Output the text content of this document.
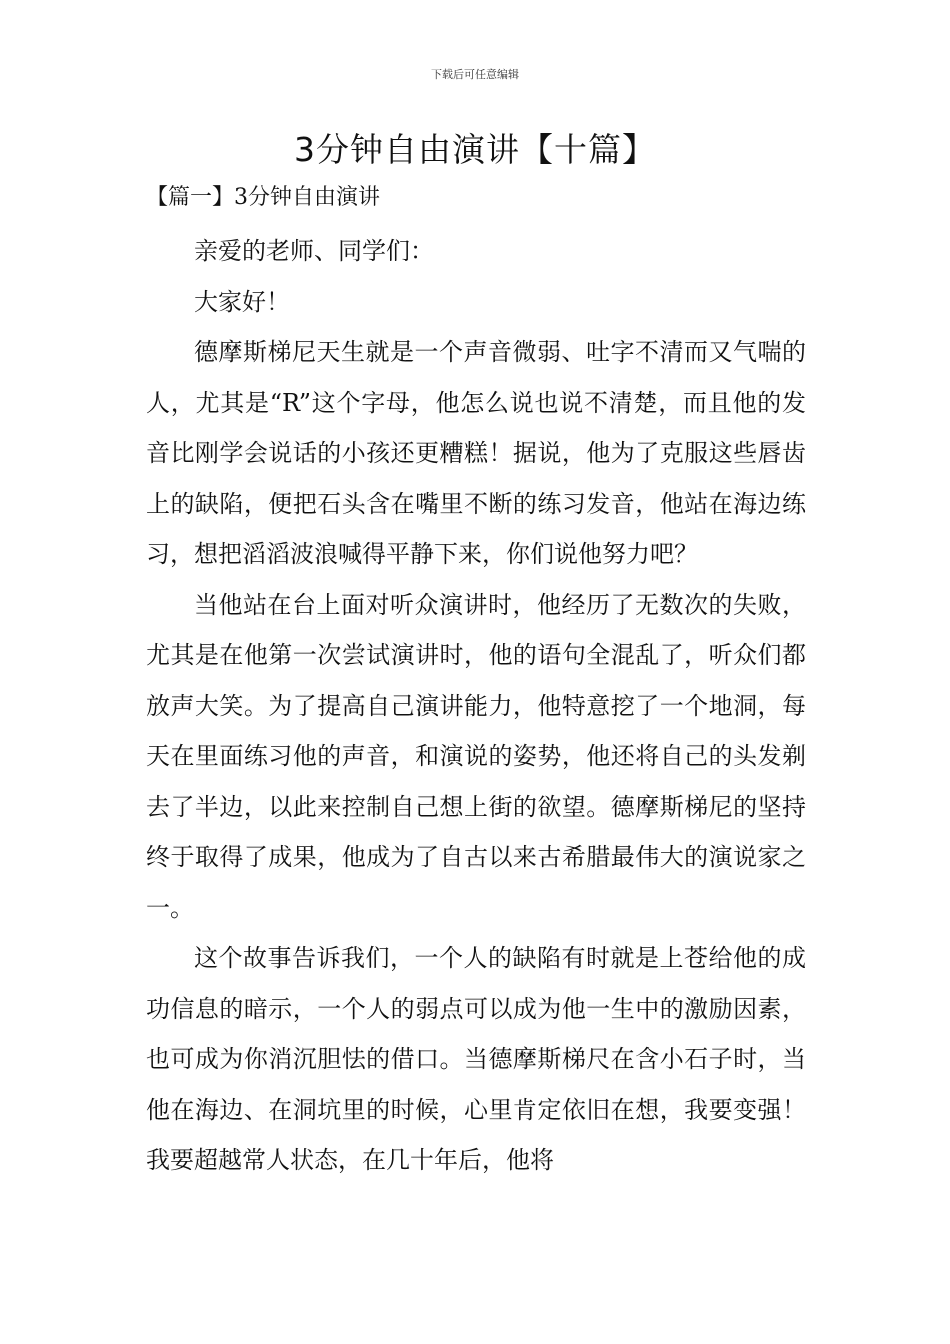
下载后可任意编辑
3分钟自由演讲【十篇】
【篇一】3分钟自由演讲

亲爱的老师、同学们：

大家好！

德摩斯梯尼天生就是一个声音微弱、吐字不清而又气喘的人，尤其是“R”这个字母，他怎么说也说不清楚，而且他的发音比刚学会说话的小孩还更糟糕！据说，他为了克服这些唇齿上的缺陷，便把石头含在嘴里不断的练习发音，他站在海边练习，想把滔滔波浪喊得平静下来，你们说他努力吧？

当他站在台上面对听众演讲时，他经历了无数次的失败，尤其是在他第一次尝试演讲时，他的语句全混乱了，听众们都放声大笑。为了提高自己演讲能力，他特意挖了一个地洞，每天在里面练习他的声音，和演说的姿势，他还将自己的头发剃去了半边，以此来控制自己想上街的欲望。德摩斯梯尼的坚持终于取得了成果，他成为了自古以来古希腊最伟大的演说家之一。

这个故事告诉我们，一个人的缺陷有时就是上苍给他的成功信息的暗示，一个人的弱点可以成为他一生中的激励因素，也可成为你消沉胆怯的借口。当德摩斯梯尺在含小石子时，当他在海边、在洞坑里的时候，心里肯定依旧在想，我要变强！我要超越常人状态，在几十年后，他将
